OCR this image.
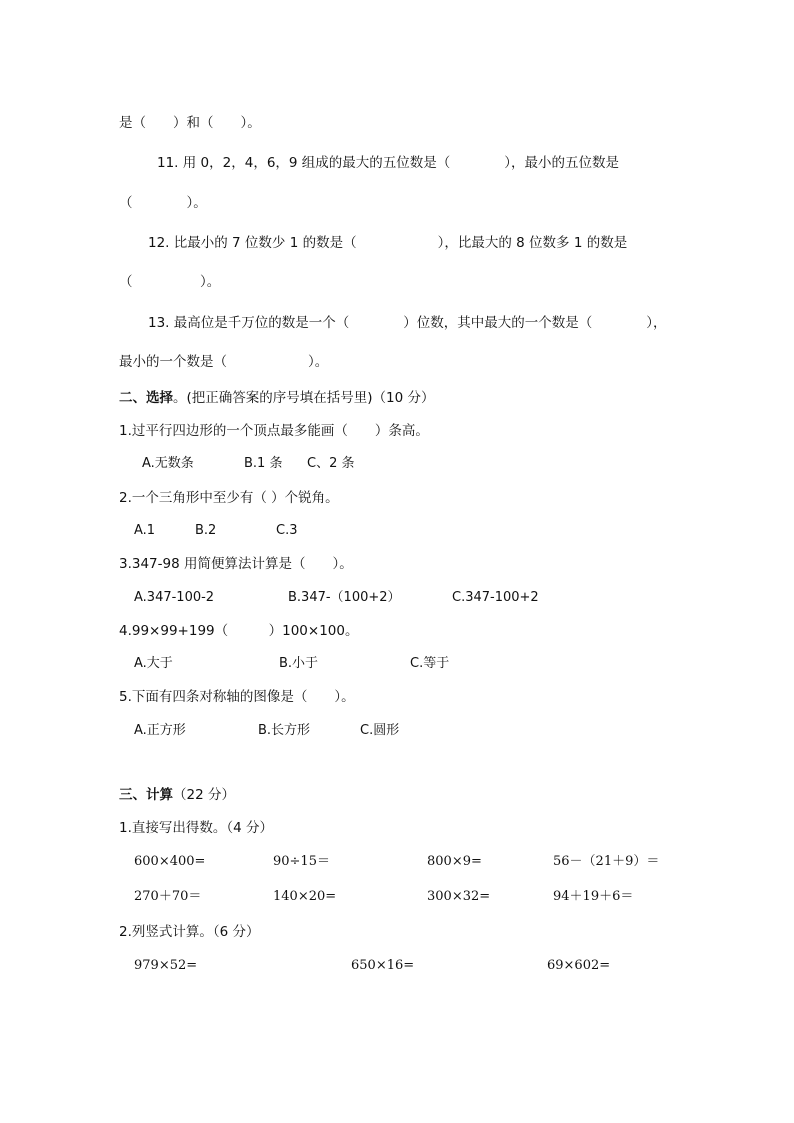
是（　　）和（　　）。
11. 用 0，2，4，6，9 组成的最大的五位数是（　　　　），最小的五位数是
（　　　　）。
12. 比最小的 7 位数少 1 的数是（　　　　　　），比最大的 8 位数多 1 的数是
（　　　　　）。
13. 最高位是千万位的数是一个（　　　　）位数，其中最大的一个数是（　　　　），
最小的一个数是（　　　　　　）。
二、选择。(把正确答案的序号填在括号里)（10 分）
1.过平行四边形的一个顶点最多能画（　　）条高。
A.无数条	B.1 条 C、2 条
2.一个三角形中至少有（ ）个锐角。
A.1	B.2	C.3
3.347-98 用简便算法计算是（　　）。
A.347-100-2	B.347-（100+2）	C.347-100+2
4.99×99+199（　　　）100×100。
A.大于	B.小于	C.等于
5.下面有四条对称轴的图像是（　　）。
A.正方形	B.长方形	C.圆形
三、计算（22 分）
1.直接写出得数。（4 分）
600×400=	90÷15＝	800×9=	56－（21＋9）＝
270＋70＝	140×20=	300×32=	94＋19＋6＝
2.列竖式计算。（6 分）
979×52=	650×16=	69×602=
